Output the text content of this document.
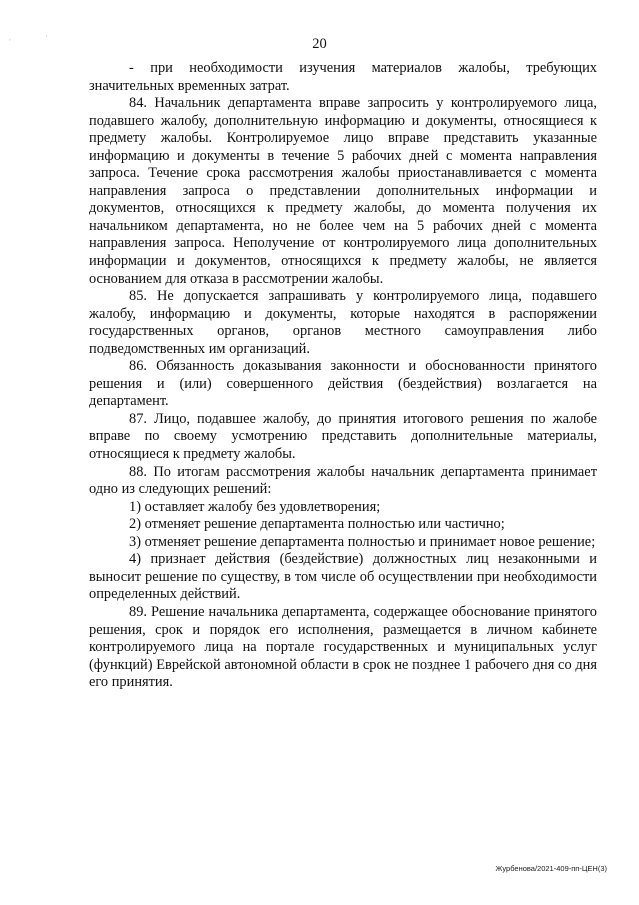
,	'	20

- при необходимости изучения материалов жалобы, требующих значительных временных затрат.

84. Начальник департамента вправе запросить у контролируемого лица, подавшего жалобу, дополнительную информацию и документы, относящиеся к предмету жалобы. Контролируемое лицо вправе представить указанные информацию и документы в течение 5 рабочих дней с момента направления запроса. Течение срока рассмотрения жалобы приостанавливается с момента направления запроса о представлении дополнительных информации и документов, относящихся к предмету жалобы, до момента получения их начальником департамента, но не более чем на 5 рабочих дней с момента направления запроса. Неполучение от контролируемого лица дополнительных информации и документов, относящихся к предмету жалобы, не является основанием для отказа в рассмотрении жалобы.

85. Не допускается запрашивать у контролируемого лица, подавшего жалобу, информацию и документы, которые находятся в распоряжении государственных органов, органов местного самоуправления либо подведомственных им организаций.

86. Обязанность доказывания законности и обоснованности принятого решения и (или) совершенного действия (бездействия) возлагается на департамент.

87. Лицо, подавшее жалобу, до принятия итогового решения по жалобе вправе по своему усмотрению представить дополнительные материалы, относящиеся к предмету жалобы.

88. По итогам рассмотрения жалобы начальник департамента принимает одно из следующих решений:

1) оставляет жалобу без удовлетворения;

2) отменяет решение департамента полностью или частично;

3) отменяет решение департамента полностью и принимает новое решение;

4) признает действия (бездействие) должностных лиц незаконными и выносит решение по существу, в том числе об осуществлении при необходимости определенных действий.

89. Решение начальника департамента, содержащее обоснование принятого решения, срок и порядок его исполнения, размещается в личном кабинете контролируемого лица на портале государственных и муниципальных услуг (функций) Еврейской автономной области в срок не позднее 1 рабочего дня со дня его принятия.

Журбенова/2021-409-пп-ЦЕН(3)
